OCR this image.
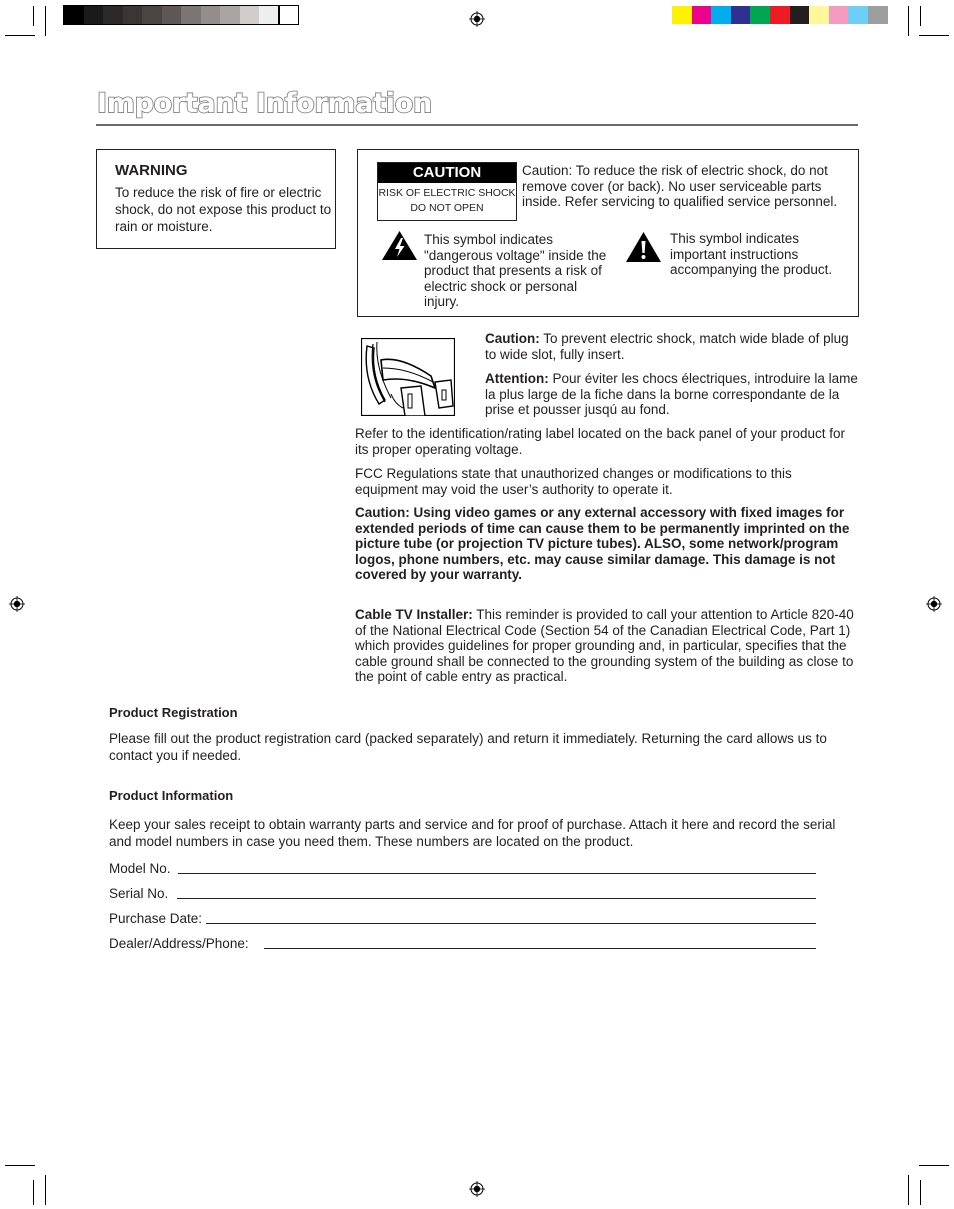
Important Information
WARNING
To reduce the risk of fire or electric shock, do not expose this product to rain or moisture.
CAUTION
RISK OF ELECTRIC SHOCK
DO NOT OPEN

Caution: To reduce the risk of electric shock, do not remove cover (or back). No user serviceable parts inside. Refer servicing to qualified service personnel.

This symbol indicates "dangerous voltage" inside the product that presents a risk of electric shock or personal injury.

This symbol indicates important instructions accompanying the product.

Caution: To prevent electric shock, match wide blade of plug to wide slot, fully insert.

Attention: Pour éviter les chocs électriques, introduire la lame la plus large de la fiche dans la borne correspondante de la prise et pousser jusqú au fond.

Refer to the identification/rating label located on the back panel of your product for its proper operating voltage.

FCC Regulations state that unauthorized changes or modifications to this equipment may void the user’s authority to operate it.

Caution: Using video games or any external accessory with fixed images for extended periods of time can cause them to be permanently imprinted on the picture tube (or projection TV picture tubes). ALSO, some network/program logos, phone numbers, etc. may cause similar damage. This damage is not covered by your warranty.

Cable TV Installer: This reminder is provided to call your attention to Article 820-40 of the National Electrical Code (Section 54 of the Canadian Electrical Code, Part 1) which provides guidelines for proper grounding and, in particular, specifies that the cable ground shall be connected to the grounding system of the building as close to the point of cable entry as practical.

Product Registration

Please fill out the product registration card (packed separately) and return it immediately. Returning the card allows us to contact you if needed.

Product Information

Keep your sales receipt to obtain warranty parts and service and for proof of purchase. Attach it here and record the serial and model numbers in case you need them. These numbers are located on the product.

Model No.
Serial No.
Purchase Date:
Dealer/Address/Phone:
